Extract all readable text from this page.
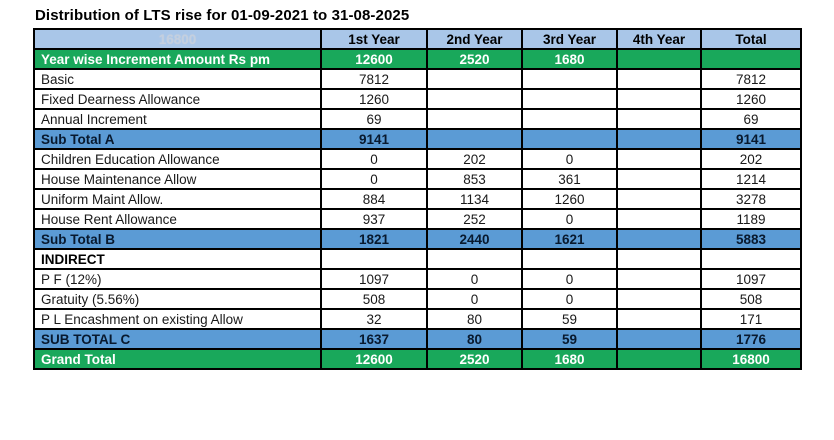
Distribution of LTS rise for 01-09-2021 to 31-08-2025
16800	1st Year	2nd Year	3rd Year	4th Year	Total
Year wise Increment Amount Rs pm	12600	2520	1680		
Basic	7812				7812
Fixed Dearness Allowance	1260				1260
Annual Increment	69				69
Sub Total A	9141				9141
Children Education Allowance	0	202	0		202
House Maintenance Allow	0	853	361		1214
Uniform Maint Allow.	884	1134	1260		3278
House Rent Allowance	937	252	0		1189
Sub Total B	1821	2440	1621		5883
INDIRECT					
P F (12%)	1097	0	0		1097
Gratuity (5.56%)	508	0	0		508
P L Encashment on existing Allow	32	80	59		171
SUB TOTAL C	1637	80	59		1776
Grand Total	12600	2520	1680		16800
